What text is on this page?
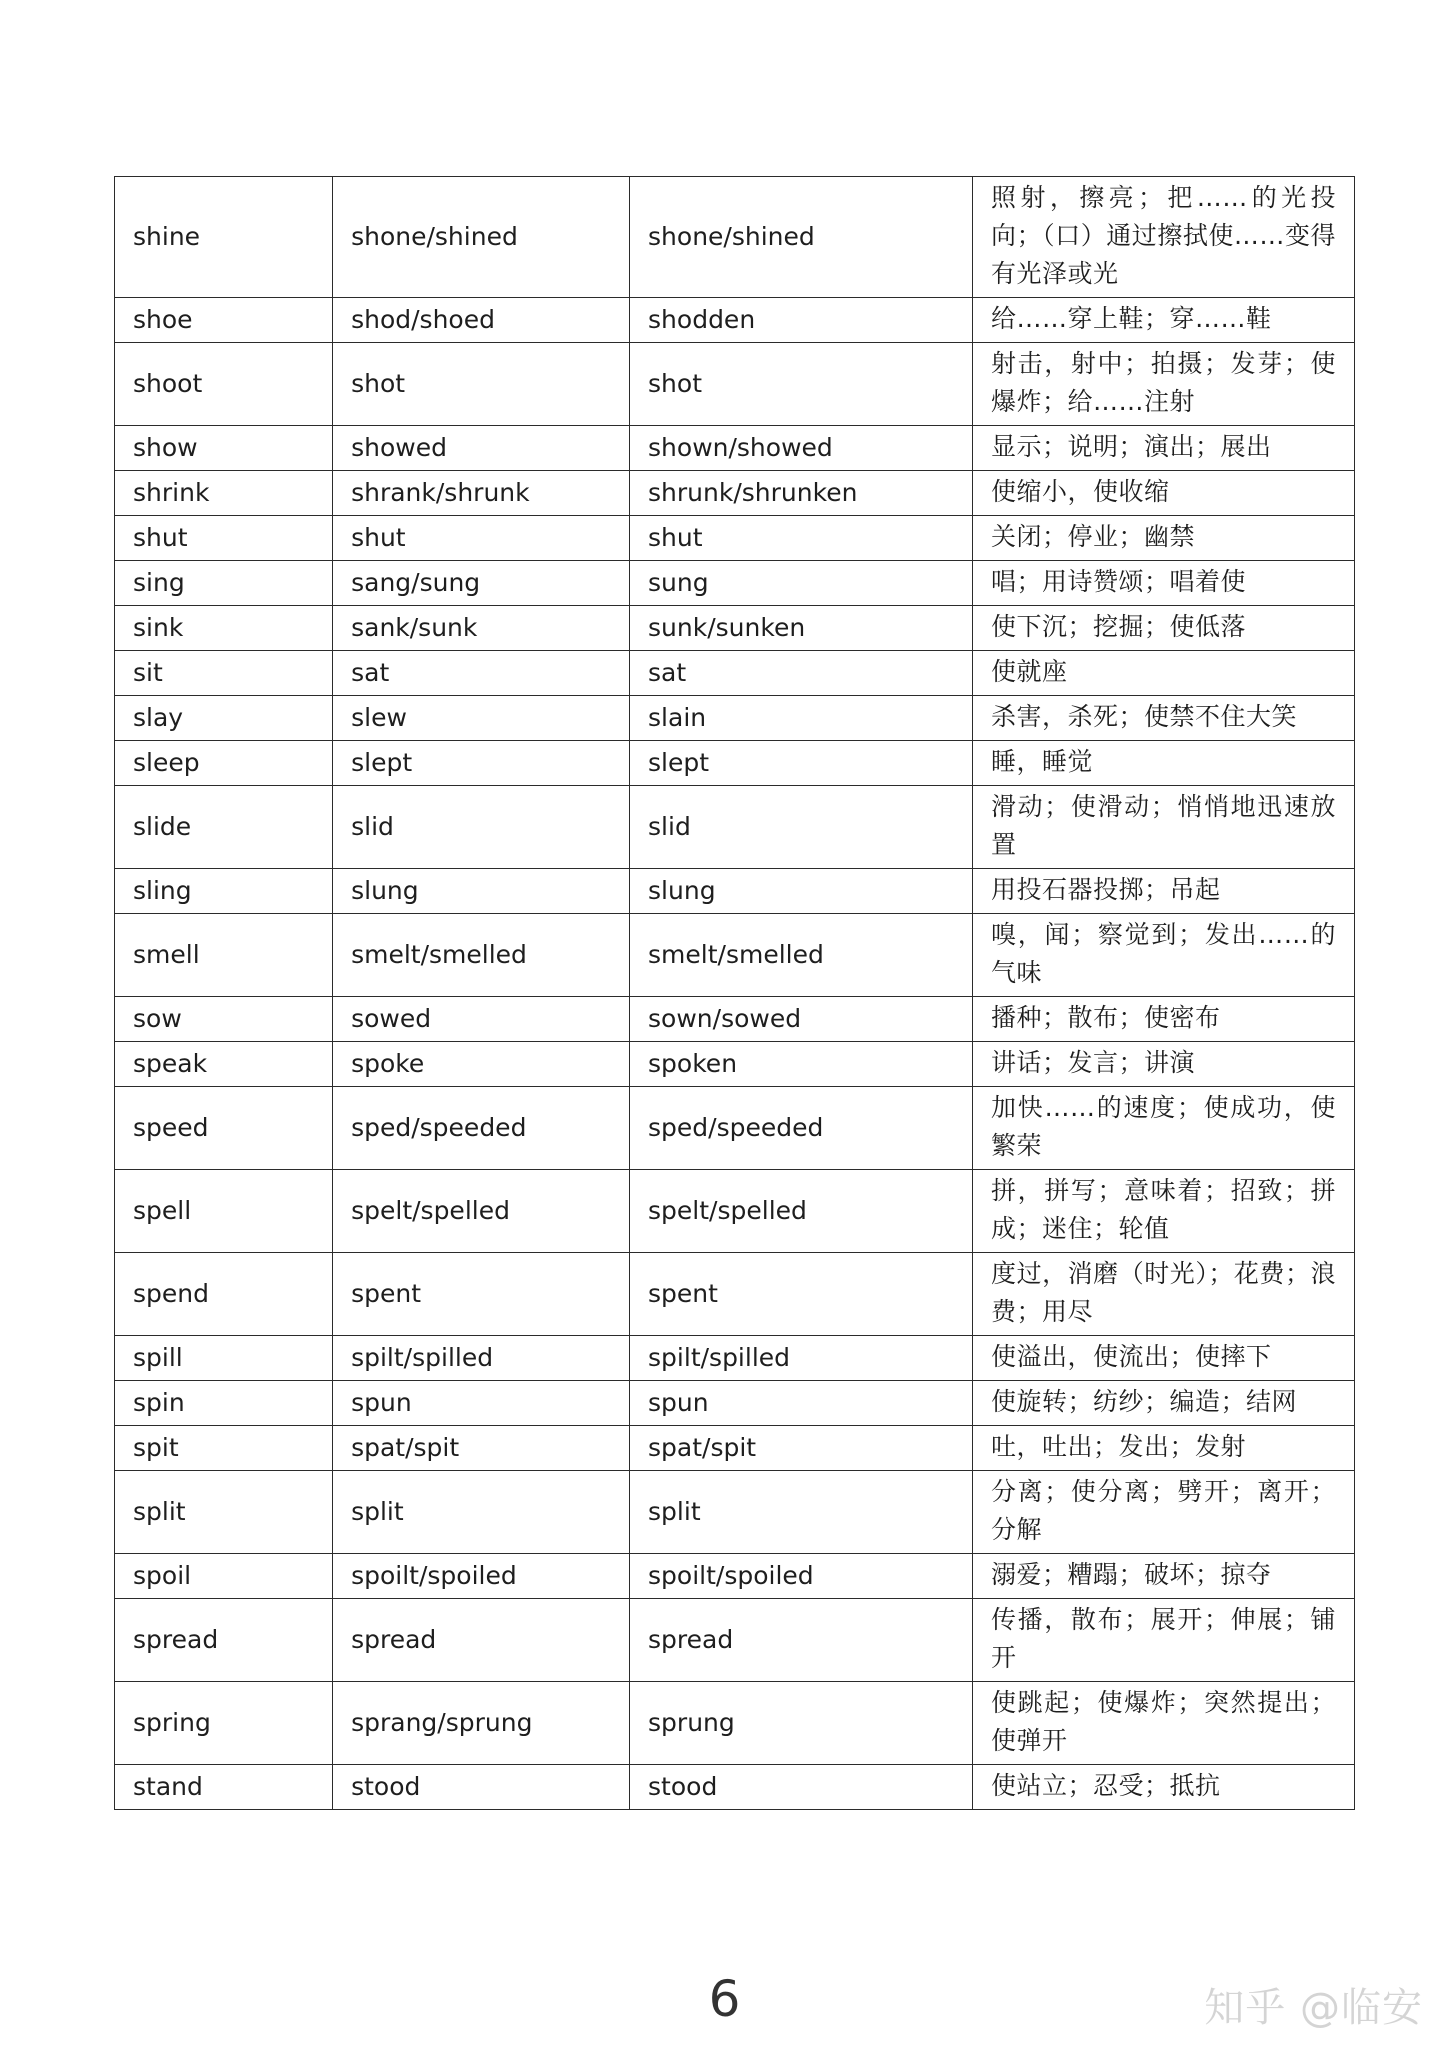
shine	shone/shined	shone/shined	照射，擦亮；把……的光投向；（口）通过擦拭使……变得有光泽或光
shoe	shod/shoed	shodden	给……穿上鞋；穿……鞋
shoot	shot	shot	射击，射中；拍摄；发芽；使爆炸；给……注射
show	showed	shown/showed	显示；说明；演出；展出
shrink	shrank/shrunk	shrunk/shrunken	使缩小，使收缩
shut	shut	shut	关闭；停业；幽禁
sing	sang/sung	sung	唱；用诗赞颂；唱着使
sink	sank/sunk	sunk/sunken	使下沉；挖掘；使低落
sit	sat	sat	使就座
slay	slew	slain	杀害，杀死；使禁不住大笑
sleep	slept	slept	睡，睡觉
slide	slid	slid	滑动；使滑动；悄悄地迅速放置
sling	slung	slung	用投石器投掷；吊起
smell	smelt/smelled	smelt/smelled	嗅，闻；察觉到；发出……的气味
sow	sowed	sown/sowed	播种；散布；使密布
speak	spoke	spoken	讲话；发言；讲演
speed	sped/speeded	sped/speeded	加快……的速度；使成功，使繁荣
spell	spelt/spelled	spelt/spelled	拼，拼写；意味着；招致；拼成；迷住；轮值
spend	spent	spent	度过，消磨（时光）；花费；浪费；用尽
spill	spilt/spilled	spilt/spilled	使溢出，使流出；使摔下
spin	spun	spun	使旋转；纺纱；编造；结网
spit	spat/spit	spat/spit	吐，吐出；发出；发射
split	split	split	分离；使分离；劈开；离开；分解
spoil	spoilt/spoiled	spoilt/spoiled	溺爱；糟蹋；破坏；掠夺
spread	spread	spread	传播，散布；展开；伸展；铺开
spring	sprang/sprung	sprung	使跳起；使爆炸；突然提出；使弹开
stand	stood	stood	使站立；忍受；抵抗
6	知乎 @临安
